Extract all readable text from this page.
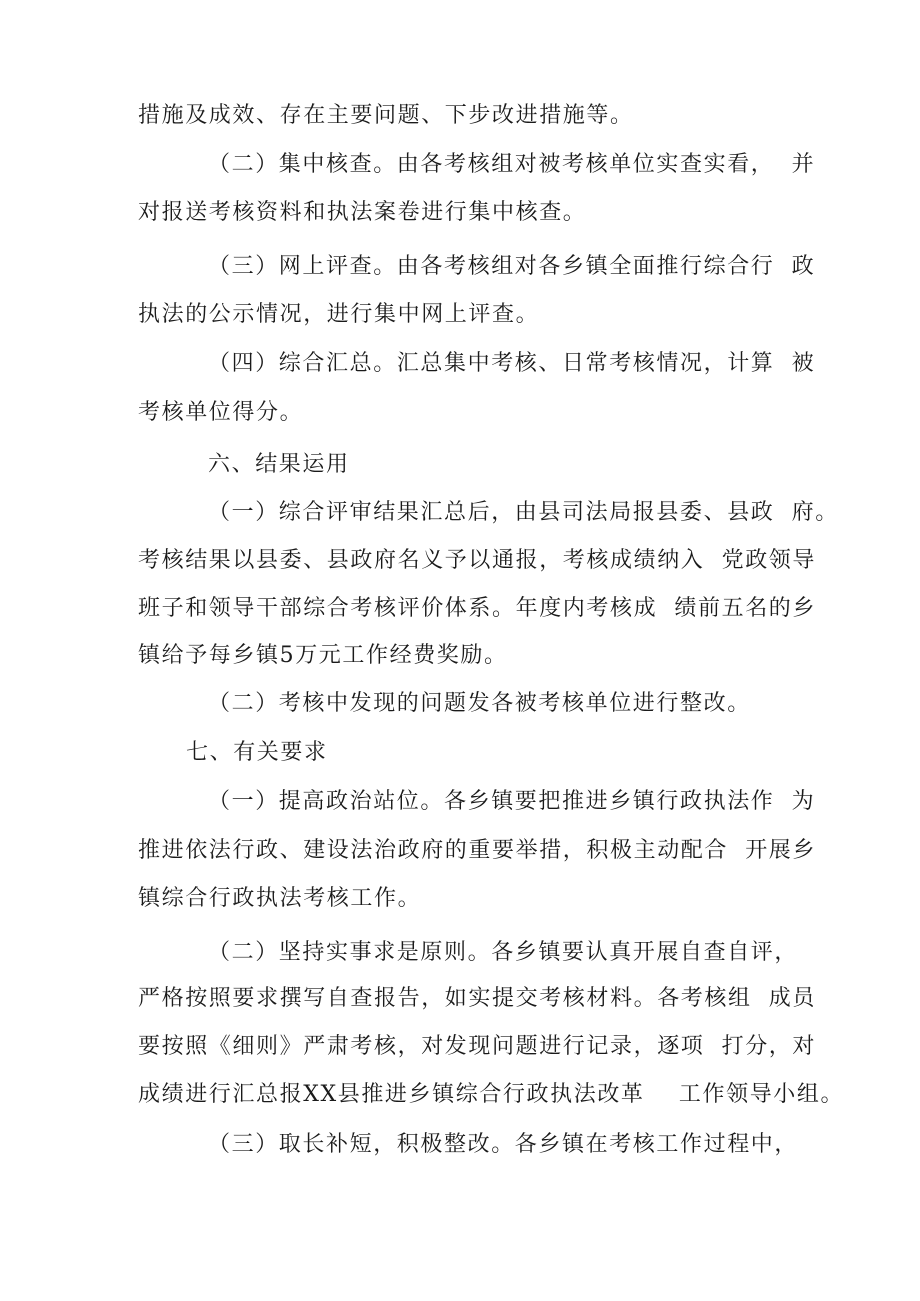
措施及成效、存在主要问题、下步改进措施等。
（二）集中核查。由各考核组对被考核单位实查实看，  并
对报送考核资料和执法案卷进行集中核查。
（三）网上评查。由各考核组对各乡镇全面推行综合行  政
执法的公示情况，进行集中网上评查。
（四）综合汇总。汇总集中考核、日常考核情况，计算  被
考核单位得分。
六、结果运用
（一）综合评审结果汇总后，由县司法局报县委、县政  府。
考核结果以县委、县政府名义予以通报，考核成绩纳入  党政领导
班子和领导干部综合考核评价体系。年度内考核成  绩前五名的乡
镇给予每乡镇5万元工作经费奖励。
（二）考核中发现的问题发各被考核单位进行整改。
七、有关要求
（一）提高政治站位。各乡镇要把推进乡镇行政执法作  为
推进依法行政、建设法治政府的重要举措，积极主动配合  开展乡
镇综合行政执法考核工作。
（二）坚持实事求是原则。各乡镇要认真开展自查自评，
严格按照要求撰写自查报告，如实提交考核材料。各考核组  成员
要按照《细则》严肃考核，对发现问题进行记录，逐项  打分，对
成绩进行汇总报XX县推进乡镇综合行政执法改革    工作领导小组。
（三）取长补短，积极整改。各乡镇在考核工作过程中，
